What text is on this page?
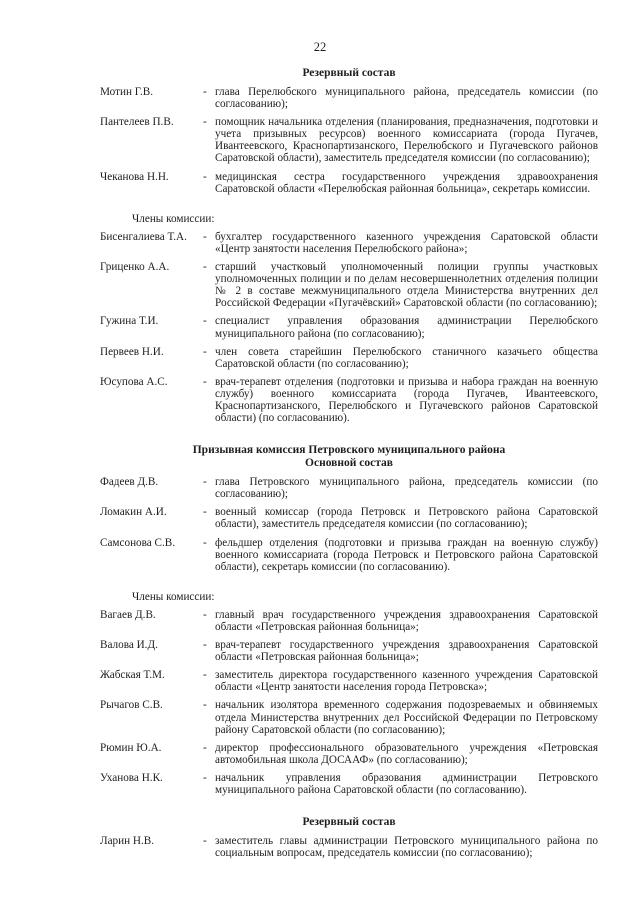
22
Резервный состав
Мотин Г.В.	- глава Перелюбского муниципального района, председатель комиссии (по согласованию);
Пантелеев П.В.	- помощник начальника отделения (планирования, предназначения, подготовки и учета призывных ресурсов) военного комиссариата (города Пугачев, Ивантеевского, Краснопартизанского, Перелюбского и Пугачевского районов Саратовской области), заместитель председателя комиссии (по согласованию);
Чеканова Н.Н.	- медицинская сестра государственного учреждения здравоохранения Саратовской области «Перелюбская районная больница», секретарь комиссии.
Члены комиссии:
Бисенгалиева Т.А.	- бухгалтер государственного казенного учреждения Саратовской области «Центр занятости населения Перелюбского района»;
Гриценко А.А.	- старший участковый уполномоченный полиции группы участковых уполномоченных полиции и по делам несовершеннолетних отделения полиции № 2 в составе межмуниципального отдела Министерства внутренних дел Российской Федерации «Пугачёвский» Саратовской области (по согласованию);
Гужина Т.И.	- специалист управления образования администрации Перелюбского муниципального района (по согласованию);
Первеев Н.И.	- член совета старейшин Перелюбского станичного казачьего общества Саратовской области (по согласованию);
Юсупова А.С.	- врач-терапевт отделения (подготовки и призыва и набора граждан на военную службу) военного комиссариата (города Пугачев, Ивантеевского, Краснопартизанского, Перелюбского и Пугачевского районов Саратовской области) (по согласованию).
Призывная комиссия Петровского муниципального района
Основной состав
Фадеев Д.В.	- глава Петровского муниципального района, председатель комиссии (по согласованию);
Ломакин А.И.	- военный комиссар (города Петровск и Петровского района Саратовской области), заместитель председателя комиссии (по согласованию);
Самсонова С.В.	- фельдшер отделения (подготовки и призыва граждан на военную службу) военного комиссариата (города Петровск и Петровского района Саратовской области), секретарь комиссии (по согласованию).
Члены комиссии:
Вагаев Д.В.	- главный врач государственного учреждения здравоохранения Саратовской области «Петровская районная больница»;
Валова И.Д.	- врач-терапевт государственного учреждения здравоохранения Саратовской области «Петровская районная больница»;
Жабская Т.М.	- заместитель директора государственного казенного учреждения Саратовской области «Центр занятости населения города Петровска»;
Рычагов С.В.	- начальник изолятора временного содержания подозреваемых и обвиняемых отдела Министерства внутренних дел Российской Федерации по Петровскому району Саратовской области (по согласованию);
Рюмин Ю.А.	- директор профессионального образовательного учреждения «Петровская автомобильная школа ДОСААФ» (по согласованию);
Уханова Н.К.	- начальник управления образования администрации Петровского муниципального района Саратовской области (по согласованию).
Резервный состав
Ларин Н.В.	- заместитель главы администрации Петровского муниципального района по социальным вопросам, председатель комиссии (по согласованию);
